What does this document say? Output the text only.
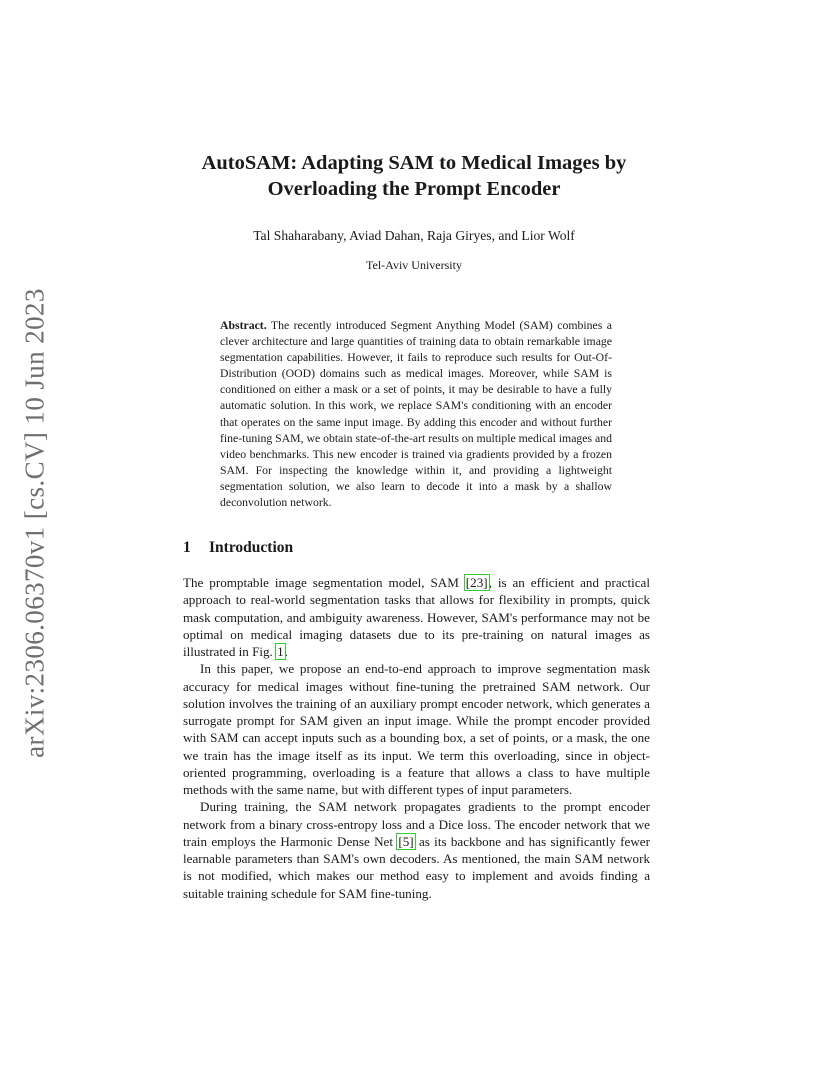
arXiv:2306.06370v1 [cs.CV] 10 Jun 2023
AutoSAM: Adapting SAM to Medical Images by
Overloading the Prompt Encoder
Tal Shaharabany, Aviad Dahan, Raja Giryes, and Lior Wolf
Tel-Aviv University

Abstract. The recently introduced Segment Anything Model (SAM) combines a clever architecture and large quantities of training data to obtain remarkable image segmentation capabilities. However, it fails to reproduce such results for Out-Of-Distribution (OOD) domains such as medical images. Moreover, while SAM is conditioned on either a mask or a set of points, it may be desirable to have a fully automatic solution. In this work, we replace SAM's conditioning with an encoder that operates on the same input image. By adding this encoder and without further fine-tuning SAM, we obtain state-of-the-art results on multiple medical images and video benchmarks. This new encoder is trained via gradients provided by a frozen SAM. For inspecting the knowledge within it, and providing a lightweight segmentation solution, we also learn to decode it into a mask by a shallow deconvolution network.

1 Introduction

The promptable image segmentation model, SAM [23], is an efficient and practical approach to real-world segmentation tasks that allows for flexibility in prompts, quick mask computation, and ambiguity awareness. However, SAM's performance may not be optimal on medical imaging datasets due to its pre-training on natural images as illustrated in Fig. 1.

In this paper, we propose an end-to-end approach to improve segmentation mask accuracy for medical images without fine-tuning the pretrained SAM network. Our solution involves the training of an auxiliary prompt encoder network, which generates a surrogate prompt for SAM given an input image. While the prompt encoder provided with SAM can accept inputs such as a bounding box, a set of points, or a mask, the one we train has the image itself as its input. We term this overloading, since in object-oriented programming, overloading is a feature that allows a class to have multiple methods with the same name, but with different types of input parameters.

During training, the SAM network propagates gradients to the prompt encoder network from a binary cross-entropy loss and a Dice loss. The encoder network that we train employs the Harmonic Dense Net [5] as its backbone and has significantly fewer learnable parameters than SAM's own decoders. As mentioned, the main SAM network is not modified, which makes our method easy to implement and avoids finding a suitable training schedule for SAM fine-tuning.
